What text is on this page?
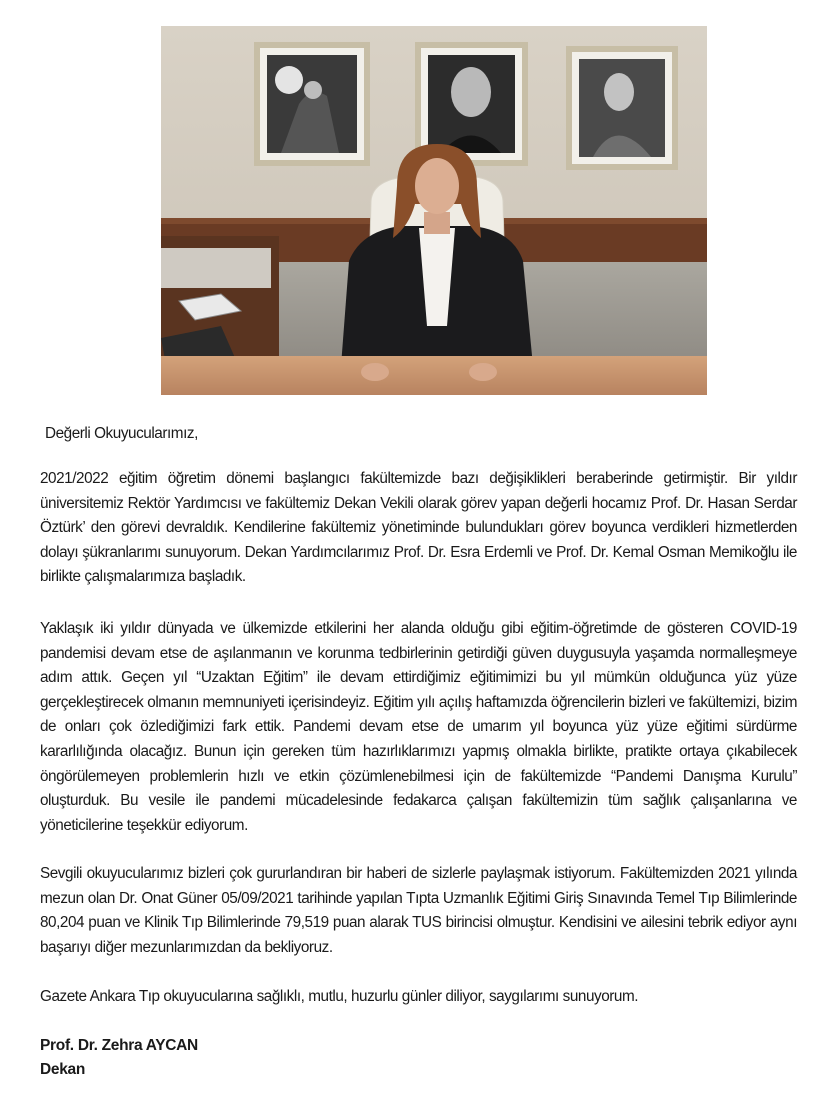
Değerli Okuyucularımız,

2021/2022 eğitim öğretim dönemi başlangıcı fakültemizde bazı değişiklikleri beraberinde getirmiştir. Bir yıldır üniversitemiz Rektör Yardımcısı ve fakültemiz Dekan Vekili olarak görev yapan değerli hocamız Prof. Dr. Hasan Serdar Öztürk’ den görevi devraldık. Kendilerine fakültemiz yönetiminde bulundukları görev boyunca verdikleri hizmetlerden dolayı şükranlarımı sunuyorum. Dekan Yardımcılarımız Prof. Dr. Esra Erdemli ve Prof. Dr. Kemal Osman Memikoğlu ile birlikte çalışmalarımıza başladık.

Yaklaşık iki yıldır dünyada ve ülkemizde etkilerini her alanda olduğu gibi eğitim-öğretimde de gösteren COVID-19 pandemisi devam etse de aşılanmanın ve korunma tedbirlerinin getirdiği güven duygusuyla yaşamda normalleşmeye adım attık. Geçen yıl “Uzaktan Eğitim” ile devam ettirdiğimiz eğitimimizi bu yıl mümkün olduğunca yüz yüze gerçekleştirecek olmanın memnuniyeti içerisindeyiz. Eğitim yılı açılış haftamızda öğrencilerin bizleri ve fakültemizi, bizim de onları çok özlediğimizi fark ettik. Pandemi devam etse de umarım yıl boyunca yüz yüze eğitimi sürdürme kararlılığında olacağız. Bunun için gereken tüm hazırlıklarımızı yapmış olmakla birlikte, pratikte ortaya çıkabilecek öngörülemeyen problemlerin hızlı ve etkin çözümlenebilmesi için de fakültemizde “Pandemi Danışma Kurulu” oluşturduk. Bu vesile ile pandemi mücadelesinde fedakarca çalışan fakültemizin tüm sağlık çalışanlarına ve yöneticilerine teşekkür ediyorum.

Sevgili okuyucularımız bizleri çok gururlandıran bir haberi de sizlerle paylaşmak istiyorum. Fakültemizden 2021 yılında mezun olan Dr. Onat Güner 05/09/2021 tarihinde yapılan Tıpta Uzmanlık Eğitimi Giriş Sınavında Temel Tıp Bilimlerinde 80,204 puan ve Klinik Tıp Bilimlerinde 79,519 puan alarak TUS birincisi olmuştur. Kendisini ve ailesini tebrik ediyor aynı başarıyı diğer mezunlarımızdan da bekliyoruz.

Gazete Ankara Tıp okuyucularına sağlıklı, mutlu, huzurlu günler diliyor, saygılarımı sunuyorum.

Prof. Dr. Zehra AYCAN
Dekan
